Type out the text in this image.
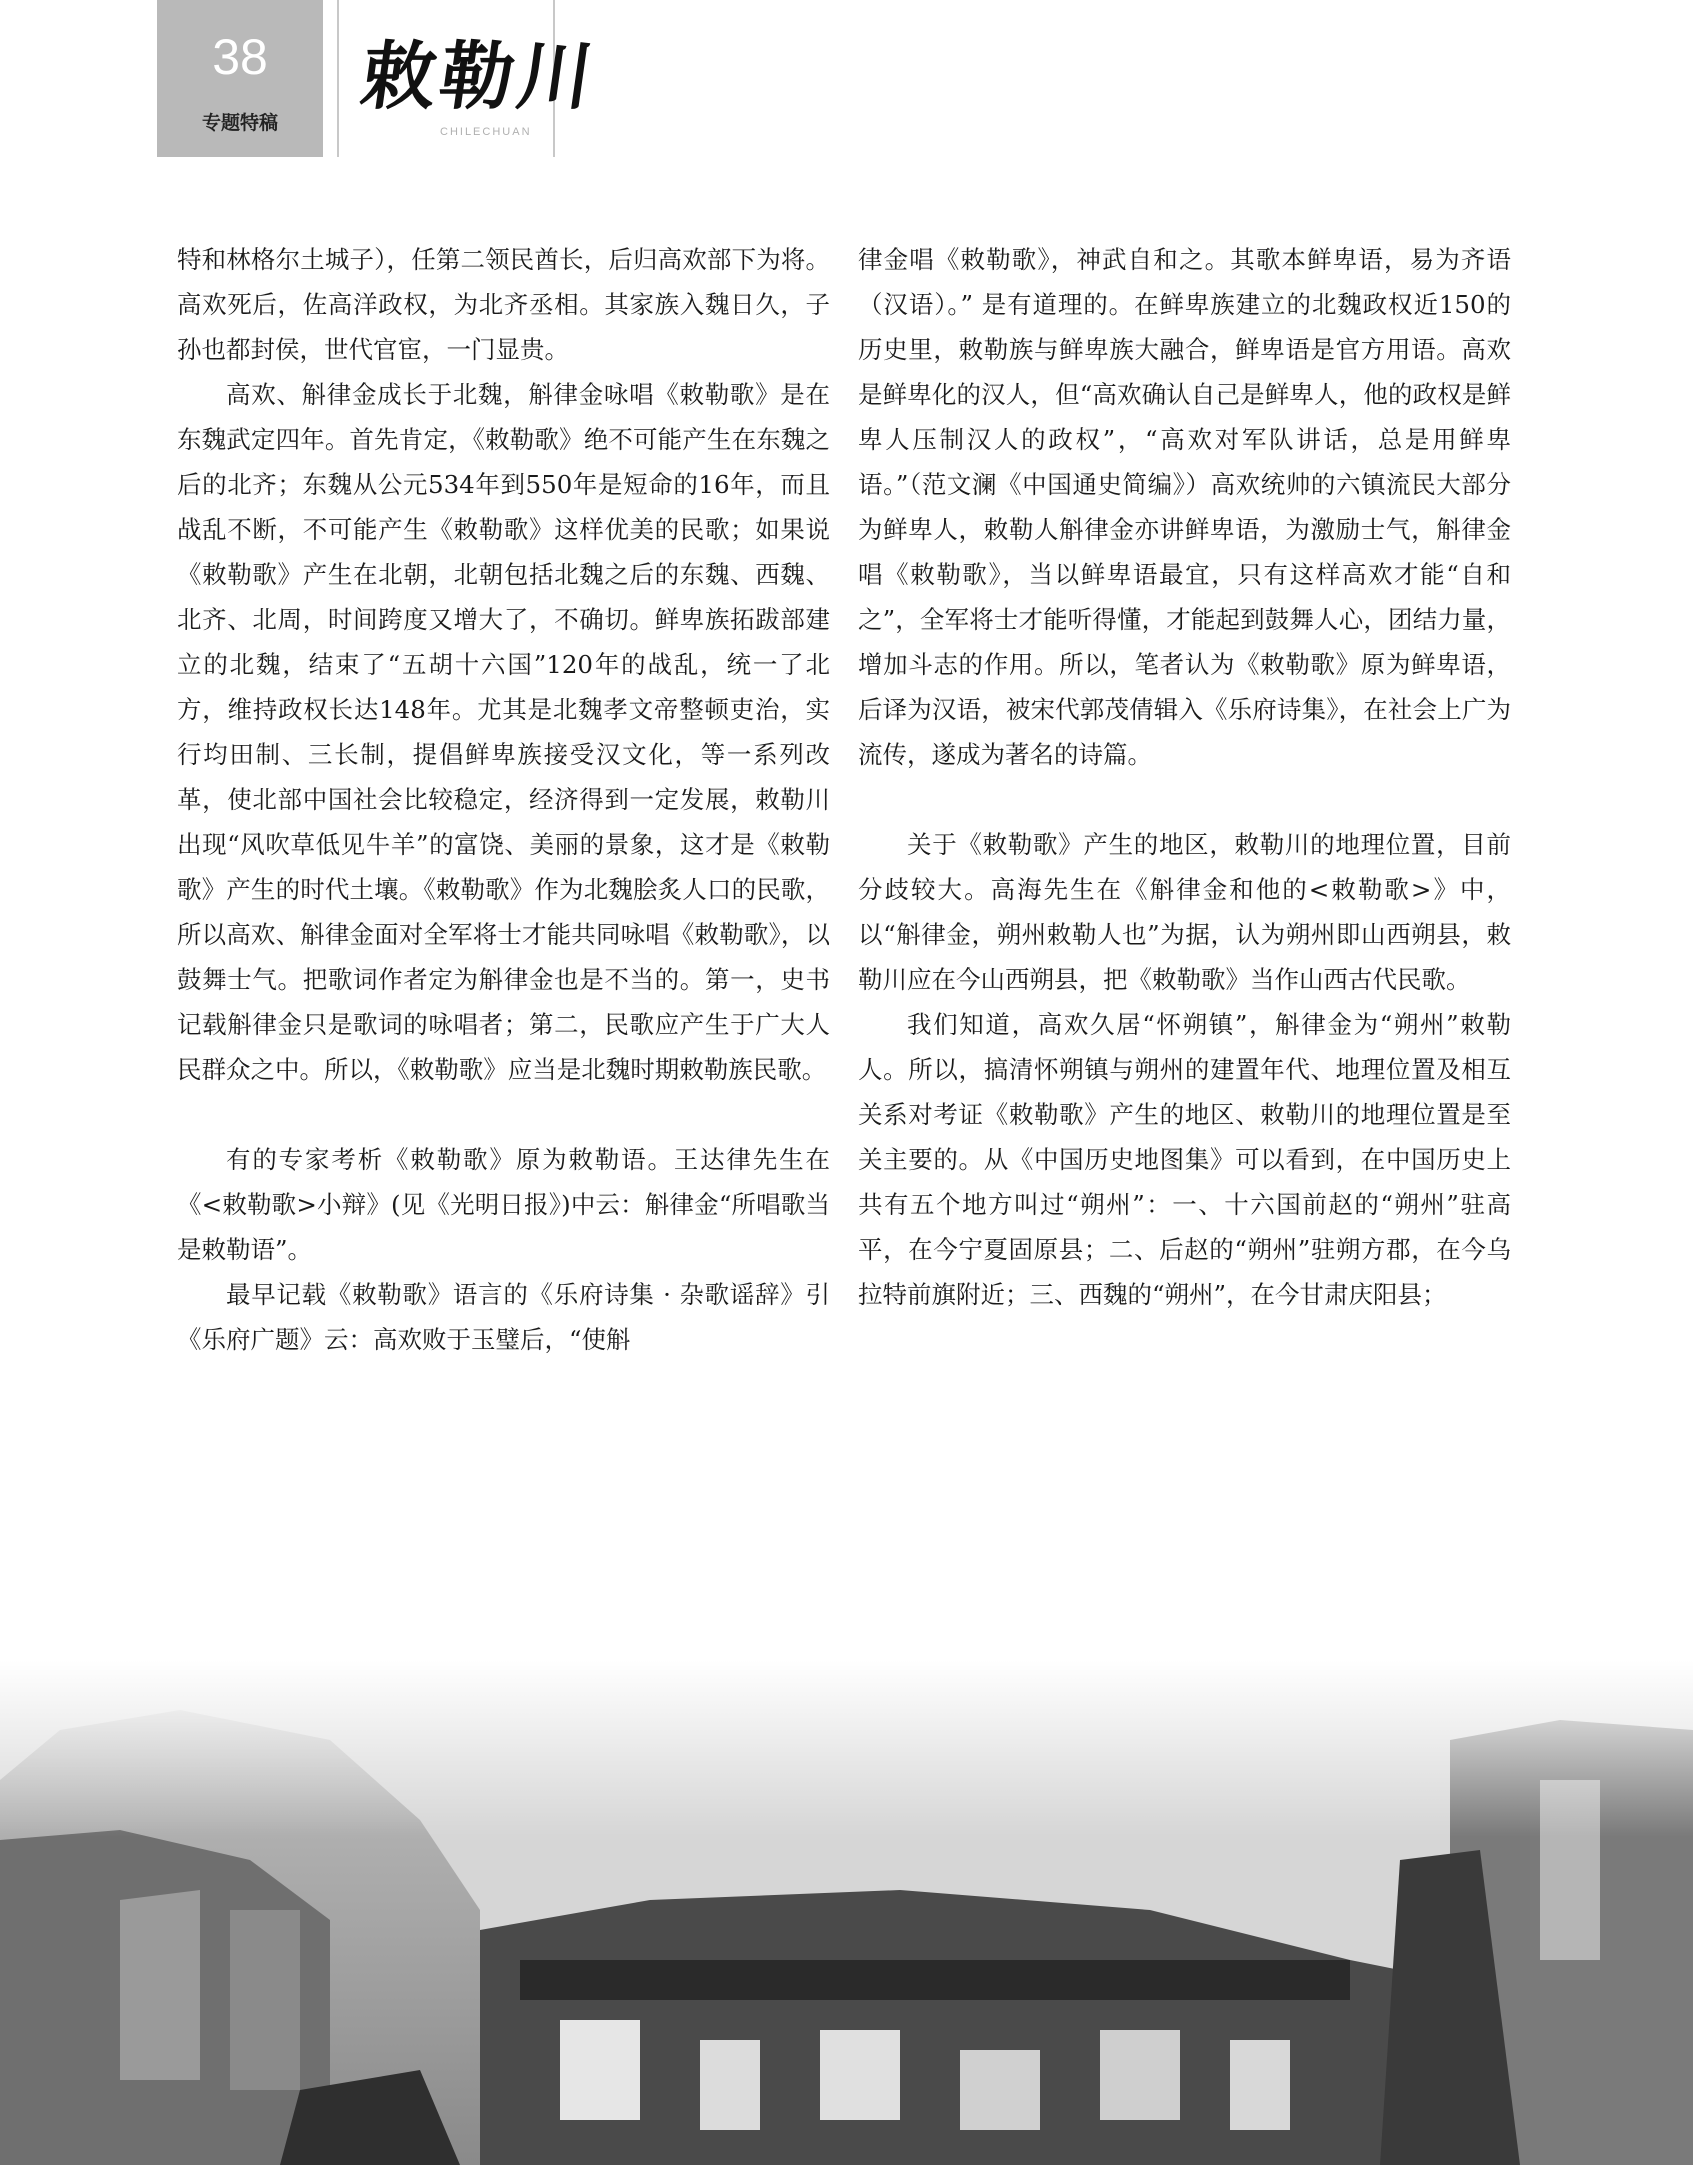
38
专题特稿
敕勒川
CHILECHUAN

特和林格尔土城子），任第二领民酋长，后归高欢部下为将。高欢死后，佐高洋政权，为北齐丞相。其家族入魏日久，子孙也都封侯，世代官宦，一门显贵。

高欢、斛律金成长于北魏，斛律金咏唱《敕勒歌》是在东魏武定四年。首先肯定，《敕勒歌》绝不可能产生在东魏之后的北齐；东魏从公元534年到550年是短命的16年，而且战乱不断，不可能产生《敕勒歌》这样优美的民歌；如果说《敕勒歌》产生在北朝，北朝包括北魏之后的东魏、西魏、北齐、北周，时间跨度又增大了，不确切。鲜卑族拓跋部建立的北魏，结束了“五胡十六国”120年的战乱，统一了北方，维持政权长达148年。尤其是北魏孝文帝整顿吏治，实行均田制、三长制，提倡鲜卑族接受汉文化，等一系列改革，使北部中国社会比较稳定，经济得到一定发展，敕勒川出现“风吹草低见牛羊”的富饶、美丽的景象，这才是《敕勒歌》产生的时代土壤。《敕勒歌》作为北魏脍炙人口的民歌，所以高欢、斛律金面对全军将士才能共同咏唱《敕勒歌》，以鼓舞士气。把歌词作者定为斛律金也是不当的。第一，史书记载斛律金只是歌词的咏唱者；第二，民歌应产生于广大人民群众之中。所以，《敕勒歌》应当是北魏时期敕勒族民歌。

有的专家考析《敕勒歌》原为敕勒语。王达律先生在《<敕勒歌>小辩》(见《光明日报》)中云：斛律金“所唱歌当是敕勒语”。

最早记载《敕勒歌》语言的《乐府诗集 · 杂歌谣辞》引《乐府广题》云：高欢败于玉璧后，“使斛

律金唱《敕勒歌》，神武自和之。其歌本鲜卑语，易为齐语（汉语）。” 是有道理的。在鲜卑族建立的北魏政权近150的历史里，敕勒族与鲜卑族大融合，鲜卑语是官方用语。高欢是鲜卑化的汉人，但“高欢确认自己是鲜卑人，他的政权是鲜卑人压制汉人的政权”，“高欢对军队讲话，总是用鲜卑语。”（范文澜《中国通史简编》）高欢统帅的六镇流民大部分为鲜卑人，敕勒人斛律金亦讲鲜卑语，为激励士气，斛律金唱《敕勒歌》，当以鲜卑语最宜，只有这样高欢才能“自和之”，全军将士才能听得懂，才能起到鼓舞人心，团结力量，增加斗志的作用。所以，笔者认为《敕勒歌》原为鲜卑语，后译为汉语，被宋代郭茂倩辑入《乐府诗集》，在社会上广为流传，遂成为著名的诗篇。

关于《敕勒歌》产生的地区，敕勒川的地理位置，目前分歧较大。高海先生在《斛律金和他的<敕勒歌>》中，以“斛律金，朔州敕勒人也”为据，认为朔州即山西朔县，敕勒川应在今山西朔县，把《敕勒歌》当作山西古代民歌。

我们知道，高欢久居“怀朔镇”，斛律金为“朔州”敕勒人。所以，搞清怀朔镇与朔州的建置年代、地理位置及相互关系对考证《敕勒歌》产生的地区、敕勒川的地理位置是至关主要的。从《中国历史地图集》可以看到，在中国历史上共有五个地方叫过“朔州”：一、十六国前赵的“朔州”驻高平，在今宁夏固原县；二、后赵的“朔州”驻朔方郡，在今乌拉特前旗附近；三、西魏的“朔州”，在今甘肃庆阳县；
